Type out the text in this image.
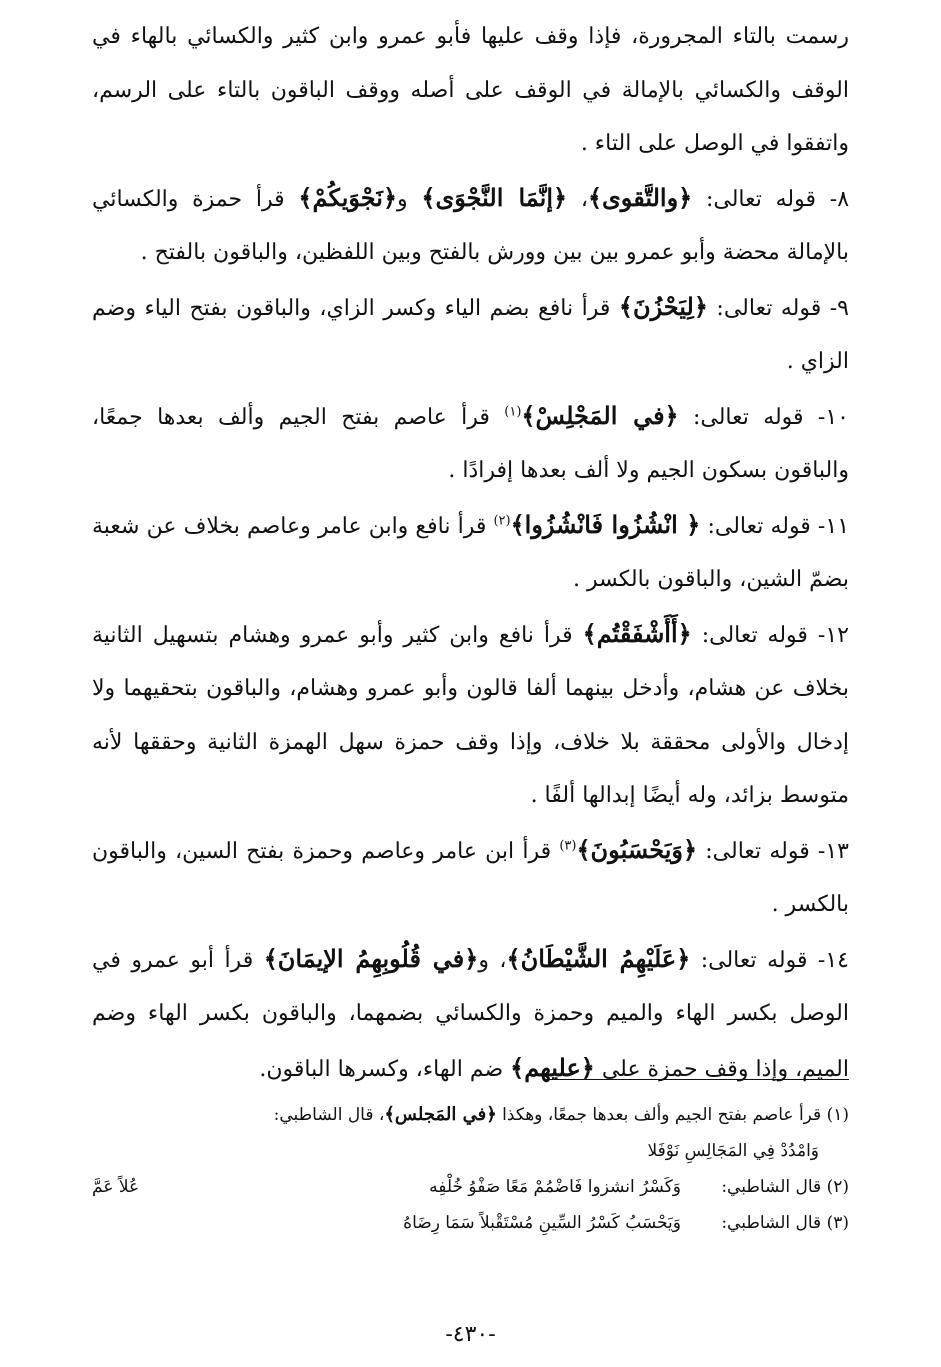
رسمت بالتاء المجرورة، فإذا وقف عليها فأبو عمرو وابن كثير والكسائي بالهاء في الوقف والكسائي بالإمالة في الوقف على أصله ووقف الباقون بالتاء على الرسم، واتفقوا في الوصل على التاء .

٨- قوله تعالى: ﴿والتَّقوى﴾، ﴿إنَّمَا النَّجْوَى﴾ و﴿نَجْوَيكُمْ﴾ قرأ حمزة والكسائي بالإمالة محضة وأبو عمرو بين بين وورش بالفتح وبين اللفظين، والباقون بالفتح .

٩- قوله تعالى: ﴿لِيَحْزُنَ﴾ قرأ نافع بضم الياء وكسر الزاي، والباقون بفتح الياء وضم الزاي .

١٠- قوله تعالى: ﴿في المَجْلِسْ﴾$^{(١)}$ قرأ عاصم بفتح الجيم وألف بعدها جمعًا، والباقون بسكون الجيم ولا ألف بعدها إفرادًا .

١١- قوله تعالى: ﴿ انْشُزُوا فَانْشُزُوا﴾$^{(٢)}$ قرأ نافع وابن عامر وعاصم بخلاف عن شعبة بضمّ الشين، والباقون بالكسر .

١٢- قوله تعالى: ﴿أَأَشْفَقْتُم﴾ قرأ نافع وابن كثير وأبو عمرو وهشام بتسهيل الثانية بخلاف عن هشام، وأدخل بينهما ألفا قالون وأبو عمرو وهشام، والباقون بتحقيهما ولا إدخال والأولى محققة بلا خلاف، وإذا وقف حمزة سهل الهمزة الثانية وحققها لأنه متوسط بزائد، وله أيضًا إبدالها ألفًا .

١٣- قوله تعالى: ﴿وَيَحْسَبُونَ﴾$^{(٣)}$ قرأ ابن عامر وعاصم وحمزة بفتح السين، والباقون بالكسر .

١٤- قوله تعالى: ﴿عَلَيْهِمُ الشَّيْطَانُ﴾، و﴿في قُلُوبِهِمُ الإيمَانَ﴾ قرأ أبو عمرو في الوصل بكسر الهاء والميم وحمزة والكسائي بضمهما، والباقون بكسر الهاء وضم الميم، وإذا وقف حمزة على ﴿عليهم﴾ ضم الهاء، وكسرها الباقون.

(١) قرأ عاصم بفتح الجيم وألف بعدها جمعًا، وهكذا ﴿في المَجلس﴾، قال الشاطبي:

وَامْدُدْ فِي المَجَالِسِ نَوْفَلا

(٢) قال الشاطبي:
وَكَسْرُ انشزوا فَاضْمُمْ مَعًا صَفْوُ خُلْفِه
عُلاً عَمَّ
(٣) قال الشاطبي:
وَيَحْسَبُ كَسْرُ السِّينِ مُسْتَقْبلاً سَمَا رِضَاهُ
-٤٣٠-
